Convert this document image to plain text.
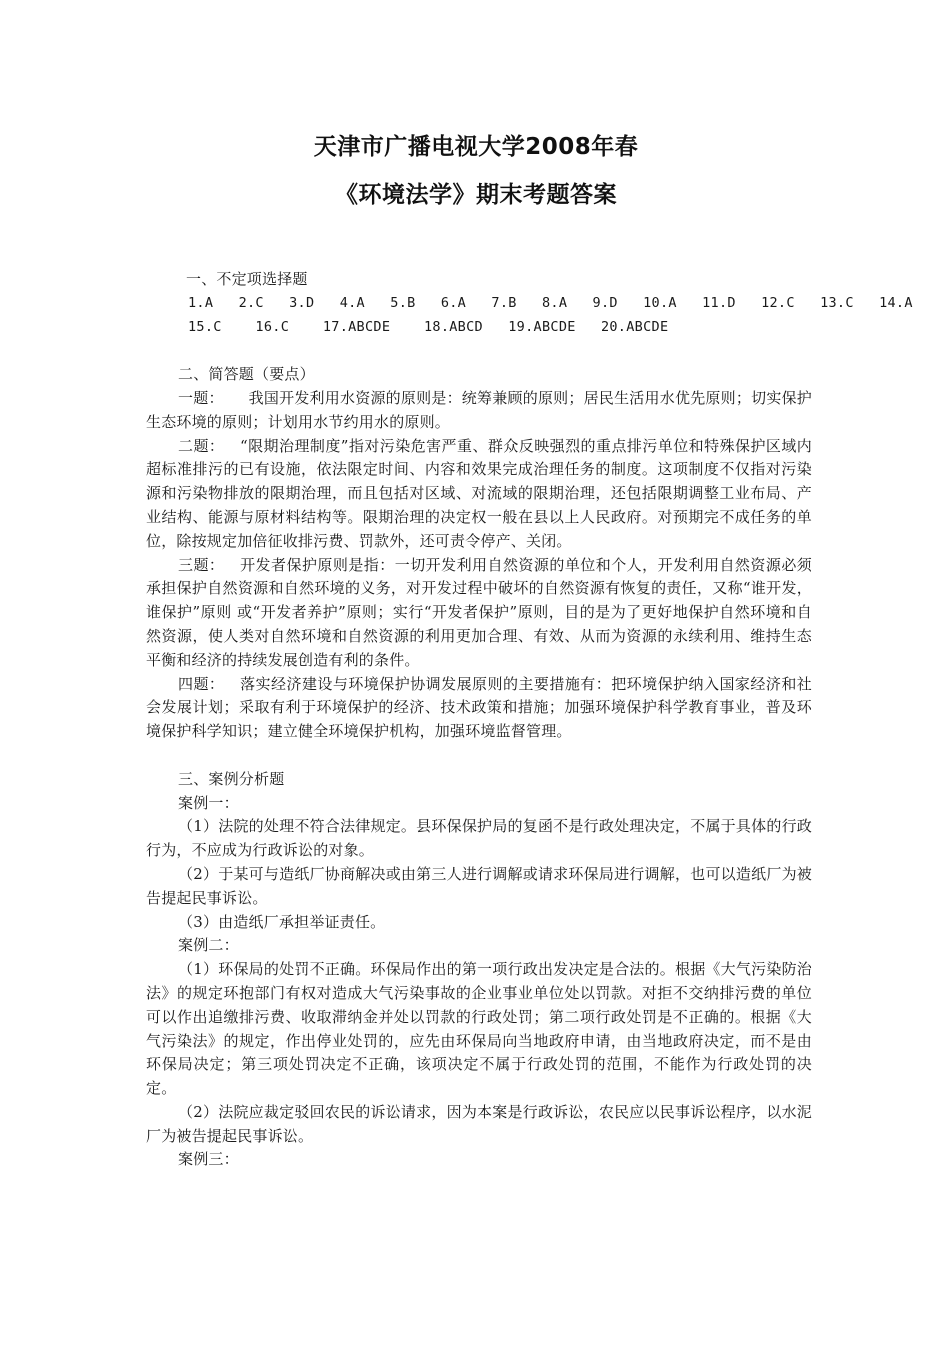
天津市广播电视大学2008年春
《环境法学》期末考题答案

一、不定项选择题

1.A   2.C   3.D   4.A   5.B   6.A   7.B   8.A   9.D   10.A   11.D   12.C   13.C   14.A
15.C    16.C    17.ABCDE    18.ABCD   19.ABCDE   20.ABCDE

二、简答题（要点）

一题：     我国开发利用水资源的原则是：统筹兼顾的原则；居民生活用水优先原则；切实保护生态环境的原则；计划用水节约用水的原则。

二题：   “限期治理制度”指对污染危害严重、群众反映强烈的重点排污单位和特殊保护区域内超标准排污的已有设施，依法限定时间、内容和效果完成治理任务的制度。这项制度不仅指对污染源和污染物排放的限期治理，而且包括对区域、对流域的限期治理，还包括限期调整工业布局、产业结构、能源与原材料结构等。限期治理的决定权一般在县以上人民政府。对预期完不成任务的单位，除按规定加倍征收排污费、罚款外，还可责令停产、关闭。

三题：   开发者保护原则是指：一切开发利用自然资源的单位和个人，开发利用自然资源必须承担保护自然资源和自然环境的义务，对开发过程中破坏的自然资源有恢复的责任，又称“谁开发，谁保护”原则 或“开发者养护”原则；实行“开发者保护”原则，目的是为了更好地保护自然环境和自然资源，使人类对自然环境和自然资源的利用更加合理、有效、从而为资源的永续利用、维持生态平衡和经济的持续发展创造有利的条件。

四题：   落实经济建设与环境保护协调发展原则的主要措施有：把环境保护纳入国家经济和社会发展计划；采取有利于环境保护的经济、技术政策和措施；加强环境保护科学教育事业，普及环境保护科学知识；建立健全环境保护机构，加强环境监督管理。

三、案例分析题

案例一：

（1）法院的处理不符合法律规定。县环保保护局的复函不是行政处理决定，不属于具体的行政行为，不应成为行政诉讼的对象。

（2）于某可与造纸厂协商解决或由第三人进行调解或请求环保局进行调解，也可以造纸厂为被告提起民事诉讼。

（3）由造纸厂承担举证责任。

案例二：

（1）环保局的处罚不正确。环保局作出的第一项行政出发决定是合法的。根据《大气污染防治法》的规定环抱部门有权对造成大气污染事故的企业事业单位处以罚款。对拒不交纳排污费的单位可以作出追缴排污费、收取滞纳金并处以罚款的行政处罚；第二项行政处罚是不正确的。根据《大气污染法》的规定，作出停业处罚的，应先由环保局向当地政府申请，由当地政府决定，而不是由环保局决定；第三项处罚决定不正确，该项决定不属于行政处罚的范围，不能作为行政处罚的决定。

（2）法院应裁定驳回农民的诉讼请求，因为本案是行政诉讼，农民应以民事诉讼程序，以水泥厂为被告提起民事诉讼。

案例三：
